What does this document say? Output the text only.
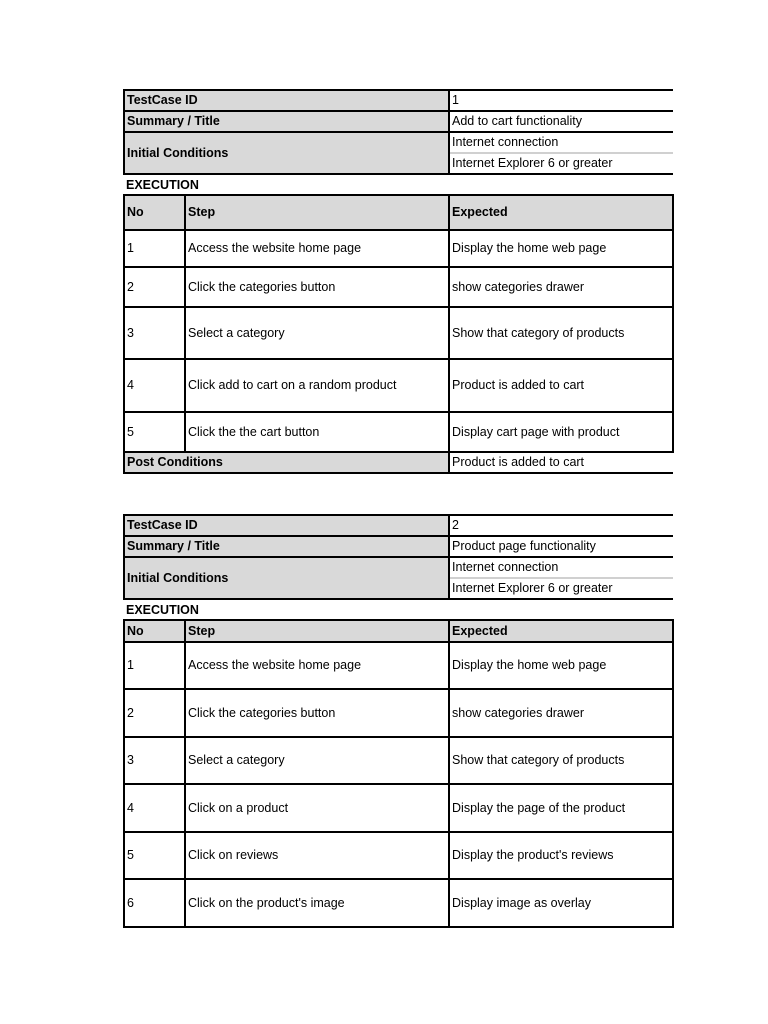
TestCase ID		1
Summary / Title		Add to cart functionality
Initial Conditions		Internet connection
		Internet Explorer 6 or greater
EXECUTION		
No	Step	Expected
1	Access the website home page	Display the home web page
2	Click the categories button	show categories drawer
3	Select a category	Show that category of products
4	Click add to cart on a random product	Product is added to cart
5	Click the the cart button	Display cart page with product
Post Conditions		Product is added to cart
TestCase ID		2
Summary / Title		Product page functionality
Initial Conditions		Internet connection
		Internet Explorer 6 or greater
EXECUTION		
No	Step	Expected
1	Access the website home page	Display the home web page
2	Click the categories button	show categories drawer
3	Select a category	Show that category of products
4	Click on a product	Display the page of the product
5	Click on reviews	Display the product's reviews
6	Click on the product's image	Display image as overlay
